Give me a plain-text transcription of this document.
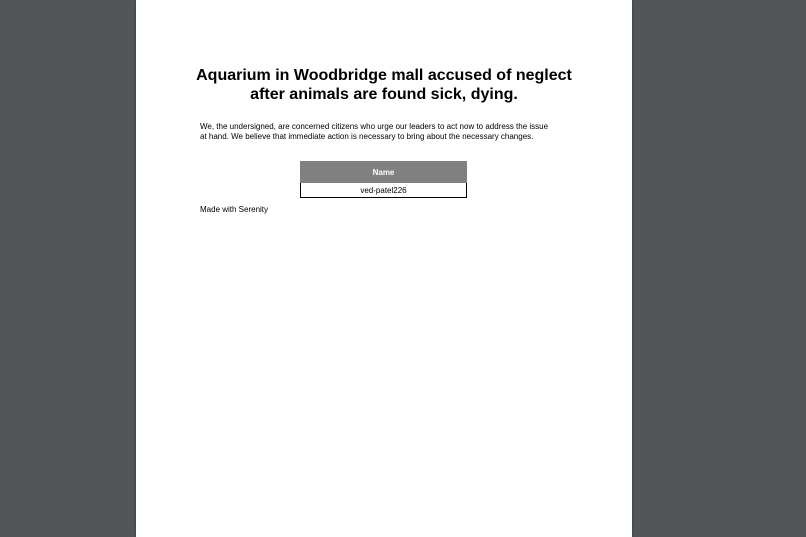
Aquarium in Woodbridge mall accused of neglect
after animals are found sick, dying.

We, the undersigned, are concerned citizens who urge our leaders to act now to address the issue
at hand. We believe that immediate action is necessary to bring about the necessary changes.

Name
ved-patel226

Made with Serenity
